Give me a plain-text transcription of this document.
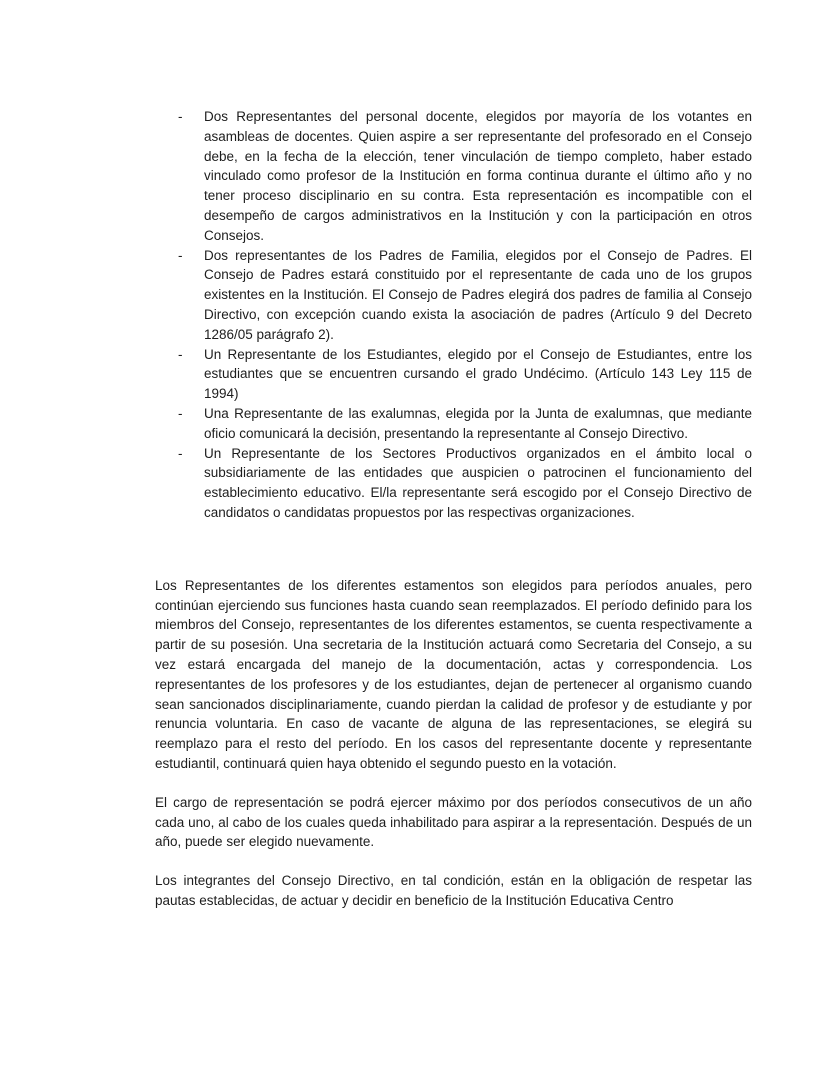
-	Dos Representantes del personal docente, elegidos por mayoría de los votantes en asambleas de docentes. Quien aspire a ser representante del profesorado en el Consejo debe, en la fecha de la elección, tener vinculación de tiempo completo, haber estado vinculado como profesor de la Institución en forma continua durante el último año y no tener proceso disciplinario en su contra. Esta representación es incompatible con el desempeño de cargos administrativos en la Institución y con la participación en otros Consejos.
-	Dos representantes de los Padres de Familia, elegidos por el Consejo de Padres. El Consejo de Padres estará constituido por el representante de cada uno de los grupos existentes en la Institución. El Consejo de Padres elegirá dos padres de familia al Consejo Directivo, con excepción cuando exista la asociación de padres (Artículo 9 del Decreto 1286/05 parágrafo 2).
-	Un Representante de los Estudiantes, elegido por el Consejo de Estudiantes, entre los estudiantes que se encuentren cursando el grado Undécimo. (Artículo 143 Ley 115 de 1994)
-	Una Representante de las exalumnas, elegida por la Junta de exalumnas, que mediante oficio comunicará la decisión, presentando la representante al Consejo Directivo.
-	Un Representante de los Sectores Productivos organizados en el ámbito local o subsidiariamente de las entidades que auspicien o patrocinen el funcionamiento del establecimiento educativo. El/la representante será escogido por el Consejo Directivo de candidatos o candidatas propuestos por las respectivas organizaciones.

Los Representantes de los diferentes estamentos son elegidos para períodos anuales, pero continúan ejerciendo sus funciones hasta cuando sean reemplazados. El período definido para los miembros del Consejo, representantes de los diferentes estamentos, se cuenta respectivamente a partir de su posesión. Una secretaria de la Institución actuará como Secretaria del Consejo, a su vez estará encargada del manejo de la documentación, actas y correspondencia. Los representantes de los profesores y de los estudiantes, dejan de pertenecer al organismo cuando sean sancionados disciplinariamente, cuando pierdan la calidad de profesor y de estudiante y por renuncia voluntaria. En caso de vacante de alguna de las representaciones, se elegirá su reemplazo para el resto del período. En los casos del representante docente y representante estudiantil, continuará quien haya obtenido el segundo puesto en la votación.

El cargo de representación se podrá ejercer máximo por dos períodos consecutivos de un año cada uno, al cabo de los cuales queda inhabilitado para aspirar a la representación. Después de un año, puede ser elegido nuevamente.

Los integrantes del Consejo Directivo, en tal condición, están en la obligación de respetar las pautas establecidas, de actuar y decidir en beneficio de la Institución Educativa Centro
